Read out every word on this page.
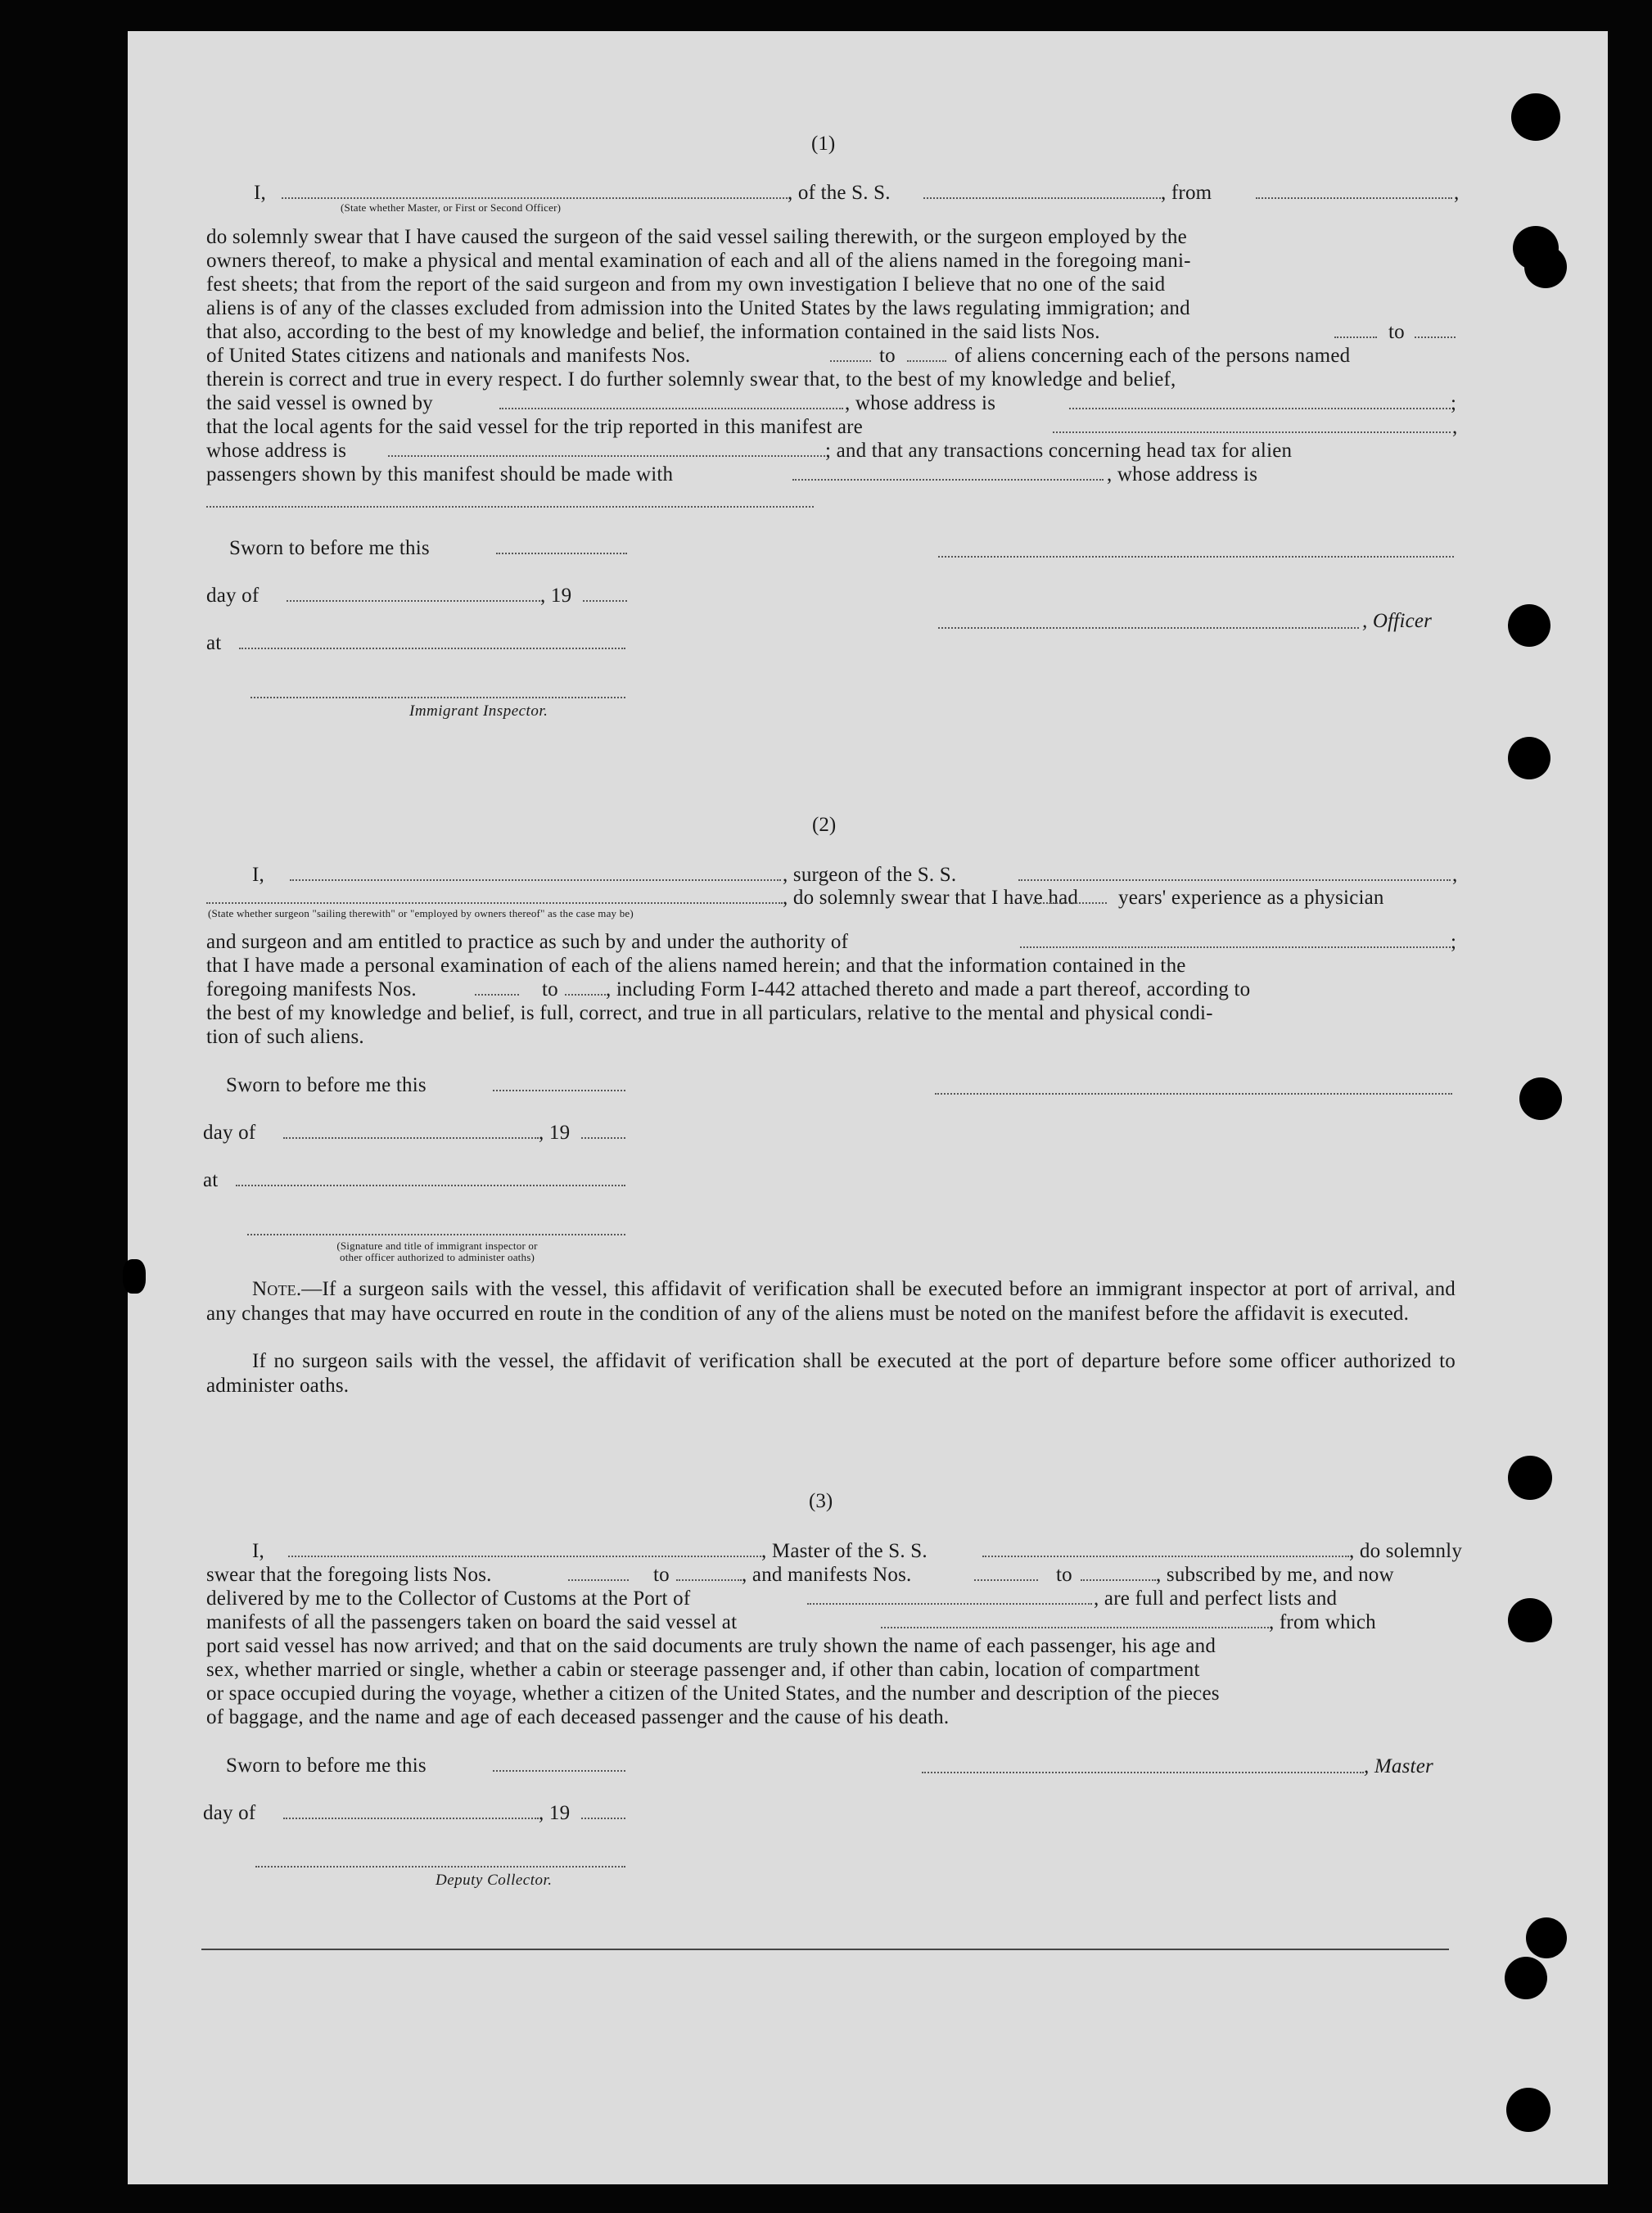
(1)
I,	, of the S. S.	, from	,
(State whether Master, or First or Second Officer)
do solemnly swear that I have caused the surgeon of the said vessel sailing therewith, or the surgeon employed by the
owners thereof, to make a physical and mental examination of each and all of the aliens named in the foregoing mani-
fest sheets; that from the report of the said surgeon and from my own investigation I believe that no one of the said
aliens is of any of the classes excluded from admission into the United States by the laws regulating immigration; and
that also, according to the best of my knowledge and belief, the information contained in the said lists Nos.	to
of United States citizens and nationals and manifests Nos.	to	of aliens concerning each of the persons named
therein is correct and true in every respect. I do further solemnly swear that, to the best of my knowledge and belief,
the said vessel is owned by	, whose address is	;
that the local agents for the said vessel for the trip reported in this manifest are	,
whose address is	; and that any transactions concerning head tax for alien
passengers shown by this manifest should be made with	, whose address is
Sworn to before me this
day of	, 19
, Officer
at
Immigrant Inspector.
(2)
I,	, surgeon of the S. S.	,
, do solemnly swear that I have had years' experience as a physician
(State whether surgeon "sailing therewith" or "employed by owners thereof" as the case may be)
and surgeon and am entitled to practice as such by and under the authority of	;
that I have made a personal examination of each of the aliens named herein; and that the information contained in the
foregoing manifests Nos.	to , including Form I-442 attached thereto and made a part thereof, according to
the best of my knowledge and belief, is full, correct, and true in all particulars, relative to the mental and physical condi-
tion of such aliens.
Sworn to before me this
day of	, 19
at
(Signature and title of immigrant inspector or
other officer authorized to administer oaths)
Note.—If a surgeon sails with the vessel, this affidavit of verification shall be executed before an immigrant inspector at port of arrival, and any changes that may have occurred en route in the condition of any of the aliens must be noted on the manifest before the affidavit is executed.
If no surgeon sails with the vessel, the affidavit of verification shall be executed at the port of departure before some officer authorized to administer oaths.
(3)
I,	, Master of the S. S.	, do solemnly
swear that the foregoing lists Nos.	to	, and manifests Nos.	to	, subscribed by me, and now
delivered by me to the Collector of Customs at the Port of	, are full and perfect lists and
manifests of all the passengers taken on board the said vessel at	, from which
port said vessel has now arrived; and that on the said documents are truly shown the name of each passenger, his age and
sex, whether married or single, whether a cabin or steerage passenger and, if other than cabin, location of compartment
or space occupied during the voyage, whether a citizen of the United States, and the number and description of the pieces
of baggage, and the name and age of each deceased passenger and the cause of his death.
Sworn to before me this	, Master
day of	, 19
Deputy Collector.
